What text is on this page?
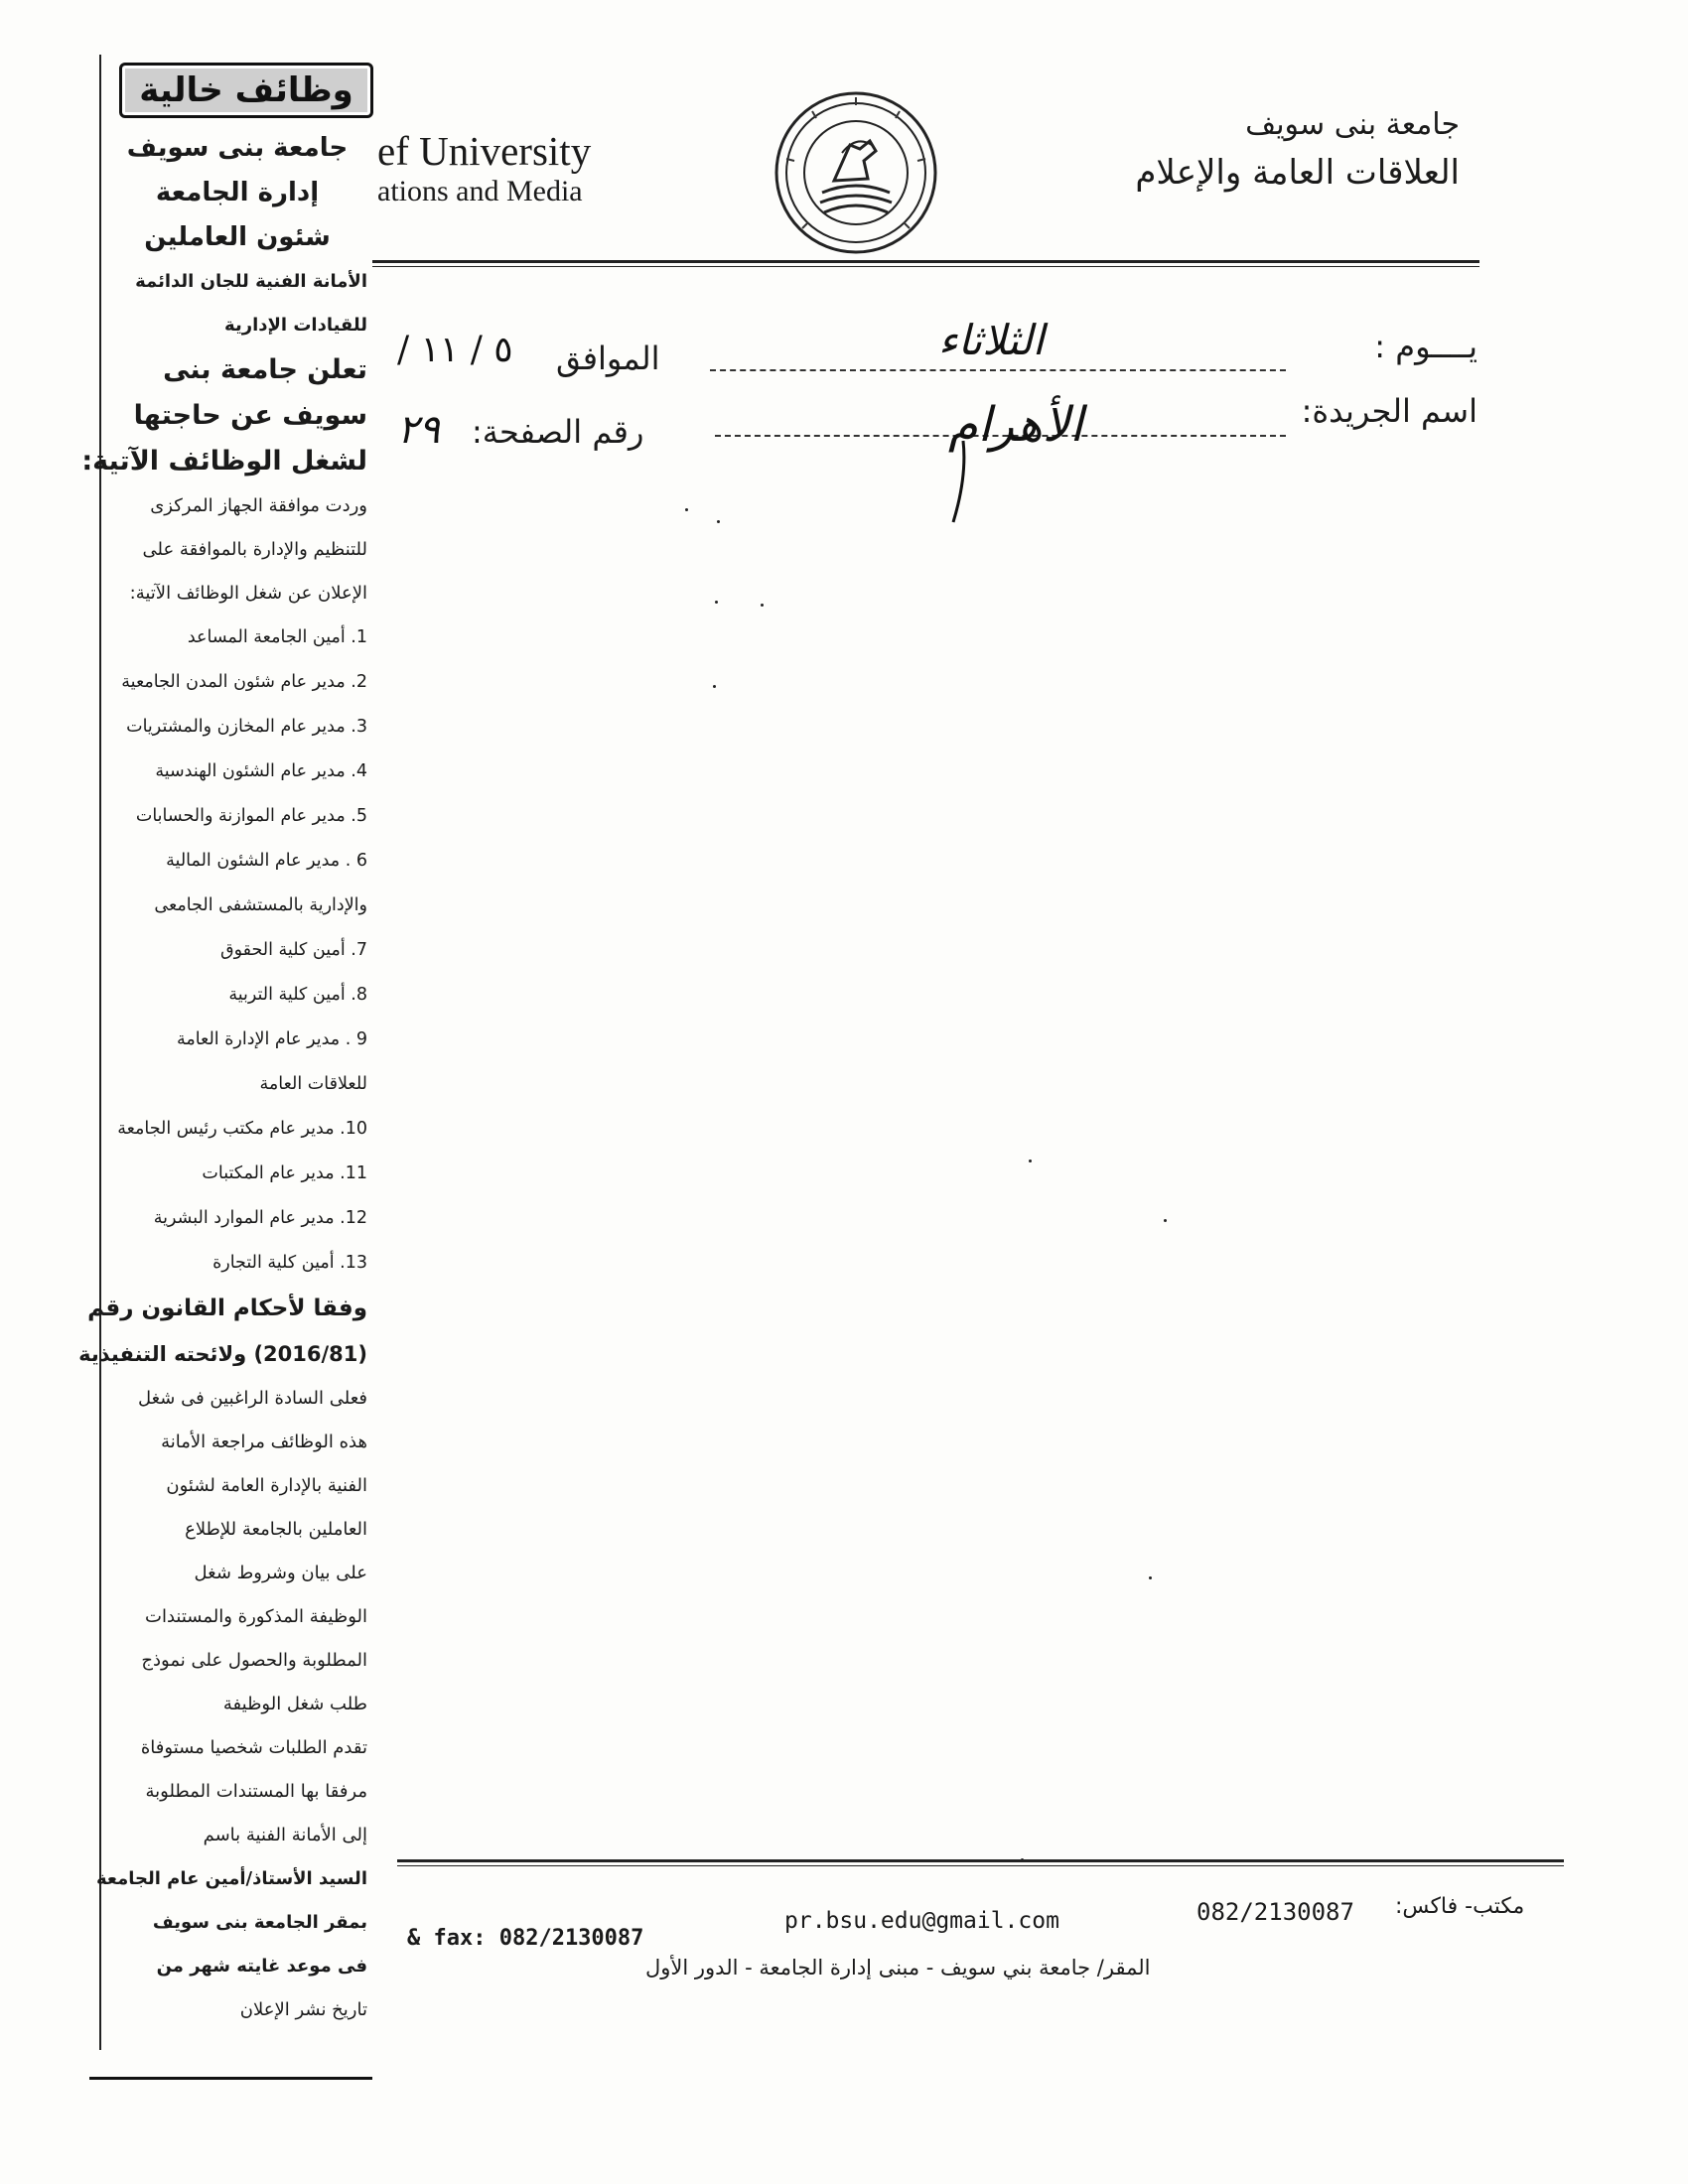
وظائف خالية
جامعة بنى سويف
إدارة الجامعة
شئون العاملين
الأمانة الفنية للجان الدائمة
للقيادات الإدارية
تعلن جامعة بنى
سويف عن حاجتها
لشغل الوظائف الآتية:
وردت موافقة الجهاز المركزى
للتنظيم والإدارة بالموافقة على
الإعلان عن شغل الوظائف الآتية:
1. أمين الجامعة المساعد
2. مدير عام شئون المدن الجامعية
3. مدير عام المخازن والمشتريات
4. مدير عام الشئون الهندسية
5. مدير عام الموازنة والحسابات
6 . مدير عام الشئون المالية
والإدارية بالمستشفى الجامعى
7. أمين كلية الحقوق
8. أمين كلية التربية
9 . مدير عام الإدارة العامة
للعلاقات العامة
10. مدير عام مكتب رئيس الجامعة
11. مدير عام المكتبات
12. مدير عام الموارد البشرية
13. أمين كلية التجارة
وفقا لأحكام القانون رقم
(2016/81) ولائحته التنفيذية
فعلى السادة الراغبين فى شغل
هذه الوظائف مراجعة الأمانة
الفنية بالإدارة العامة لشئون
العاملين بالجامعة للإطلاع
على بيان وشروط شغل
الوظيفة المذكورة والمستندات
المطلوبة والحصول على نموذج
طلب شغل الوظيفة
تقدم الطلبات شخصيا مستوفاة
مرفقا بها المستندات المطلوبة
إلى الأمانة الفنية باسم
السيد الأستاذ/أمين عام الجامعة
بمقر الجامعة بنى سويف
فى موعد غايته شهر من
تاريخ نشر الإعلان
ef University
ations and Media
جامعة بنى سويف
العلاقات العامة والإعلام
يــــوم :
الثلاثاء
الموافق
٥ / ١١ /
اسم الجريدة:
الأهرام
رقم الصفحة:
٢٩
مكتب- فاكس:
082/2130087
pr.bsu.edu@gmail.com
& fax: 082/2130087
المقر/ جامعة بني سويف - مبنى إدارة الجامعة - الدور الأول
